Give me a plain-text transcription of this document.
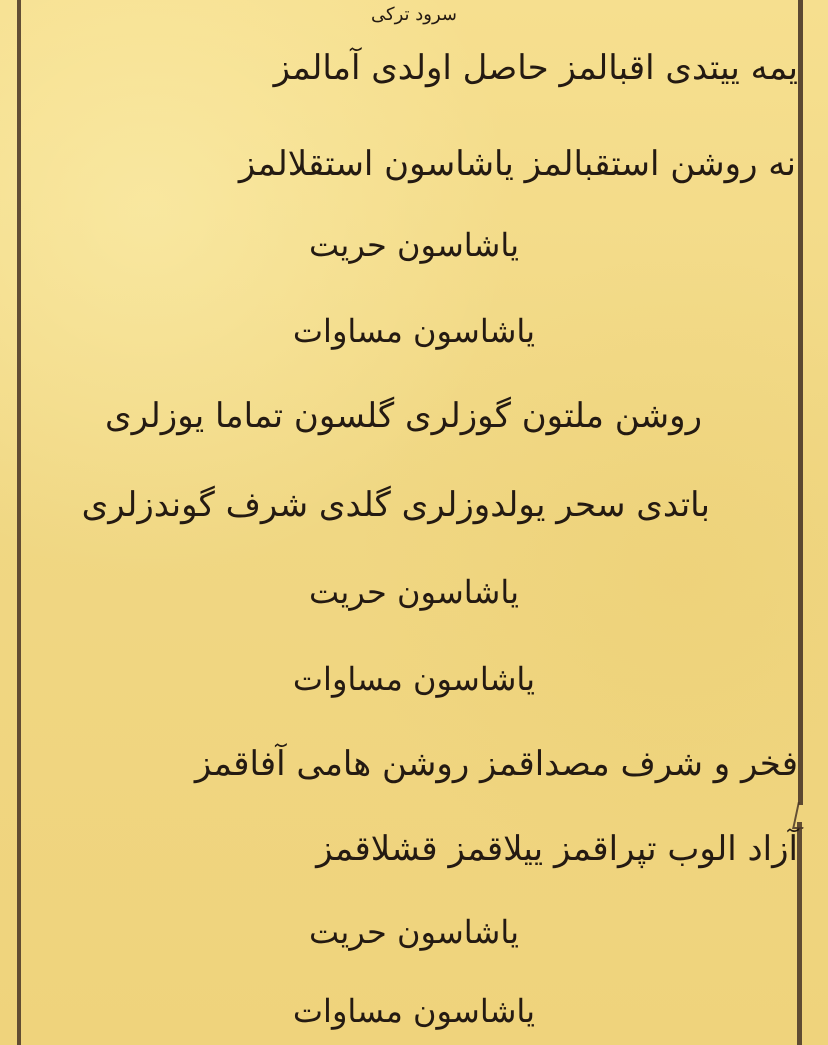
سرود ترکی
یمه ییتدی اقبالمز حاصل اولدی آمالمز
نه روشن استقبالمز یاشاسون استقلالمز
یاشاسون حریت
یاشاسون مساوات
روشن ملتون گوزلری گلسون تماما یوزلری
باتدی سحر یولدوزلری گلدی شرف گوندزلری
یاشاسون حریت
یاشاسون مساوات
فخر و شرف مصداقمز روشن هامی آفاقمز
آزاد الوب تپراقمز ییلاقمز قشلاقمز
یاشاسون حریت
یاشاسون مساوات
